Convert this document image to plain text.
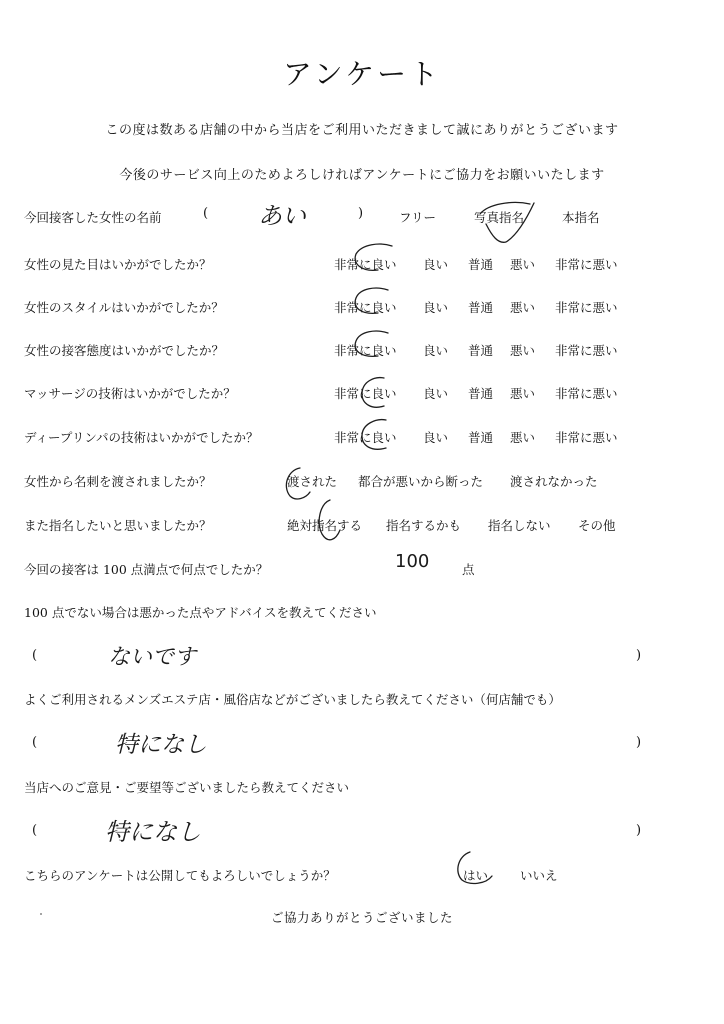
アンケート
この度は数ある店舗の中から当店をご利用いただきまして誠にありがとうございます
今後のサービス向上のためよろしければアンケートにご協力をお願いいたします
今回接客した女性の名前	( あい	)	フリー	写真指名	本指名
女性の見た目はいかがでしたか？	非常に良い 良い 普通 悪い 非常に悪い
女性のスタイルはいかがでしたか？	非常に良い 良い 普通 悪い 非常に悪い
女性の接客態度はいかがでしたか？	非常に良い 良い 普通 悪い 非常に悪い
マッサージの技術はいかがでしたか？	非常に良い 良い 普通 悪い 非常に悪い
ディープリンパの技術はいかがでしたか？	非常に良い 良い 普通 悪い 非常に悪い
女性から名刺を渡されましたか？	渡された 都合が悪いから断った 渡されなかった
また指名したいと思いましたか？	絶対指名する 指名するかも 指名しない その他
今回の接客は 100 点満点で何点でしたか？	100	点
100 点でない場合は悪かった点やアドバイスを教えてください
(	ないです	)
よくご利用されるメンズエステ店・風俗店などがございましたら教えてください（何店舗でも）
(	特になし	)
当店へのご意見・ご要望等ございましたら教えてください
(	特になし	)
こちらのアンケートは公開してもよろしいでしょうか？	はい	いいえ
ご協力ありがとうございました
